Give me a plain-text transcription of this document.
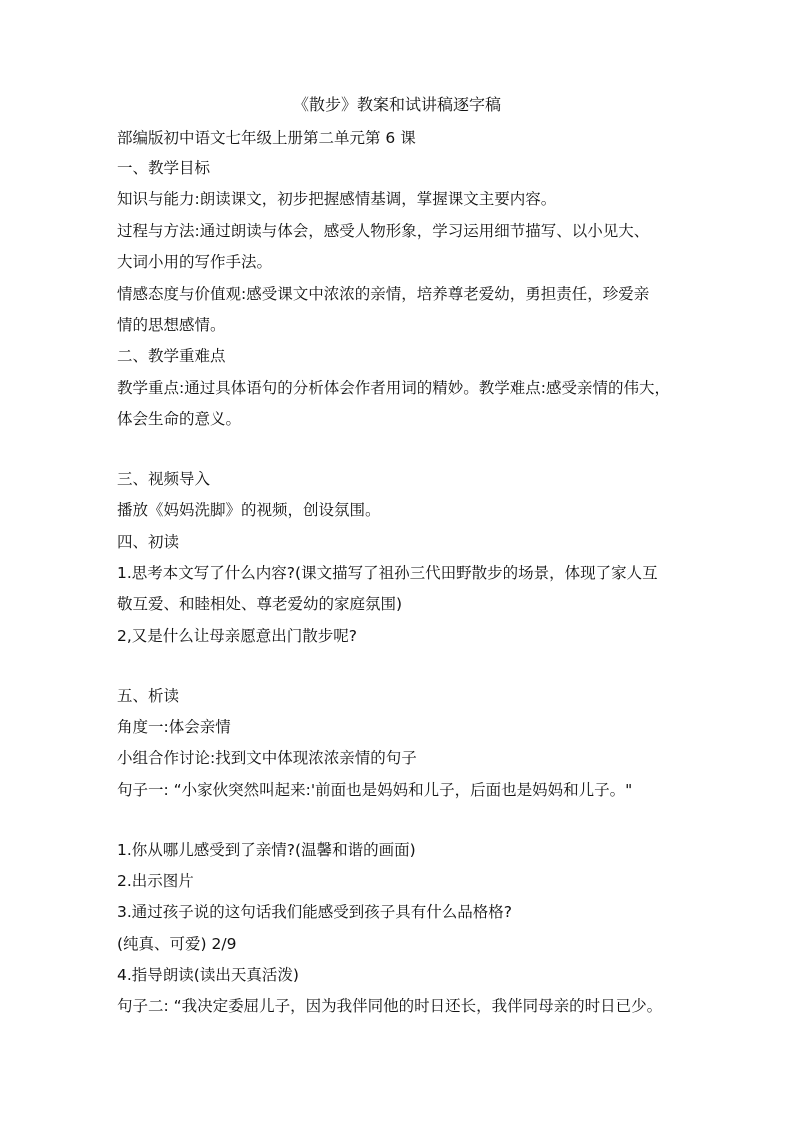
《散步》教案和试讲稿逐字稿
部编版初中语文七年级上册第二单元第 6 课
一、教学目标
知识与能力:朗读课文，初步把握感情基调，掌握课文主要内容。
过程与方法:通过朗读与体会，感受人物形象，学习运用细节描写、以小见大、
大词小用的写作手法。
情感态度与价值观:感受课文中浓浓的亲情，培养尊老爱幼，勇担责任，珍爱亲
情的思想感情。
二、教学重难点
教学重点:通过具体语句的分析体会作者用词的精妙。教学难点:感受亲情的伟大，
体会生命的意义。
三、视频导入
播放《妈妈洗脚》的视频，创设氛围。
四、初读
1.思考本文写了什么内容?(课文描写了祖孙三代田野散步的场景，体现了家人互
敬互爱、和睦相处、尊老爱幼的家庭氛围)
2,又是什么让母亲愿意出门散步呢?
五、析读
角度一:体会亲情
小组合作讨论:找到文中体现浓浓亲情的句子
句子一: “小家伙突然叫起来:'前面也是妈妈和儿子，后面也是妈妈和儿子。"
1.你从哪儿感受到了亲情?(温馨和谐的画面)
2.出示图片
3.通过孩子说的这句话我们能感受到孩子具有什么品格格?
(纯真、可爱) 2/9
4.指导朗读(读出天真活泼)
句子二: “我决定委屈儿子，因为我伴同他的时日还长，我伴同母亲的时日已少。
